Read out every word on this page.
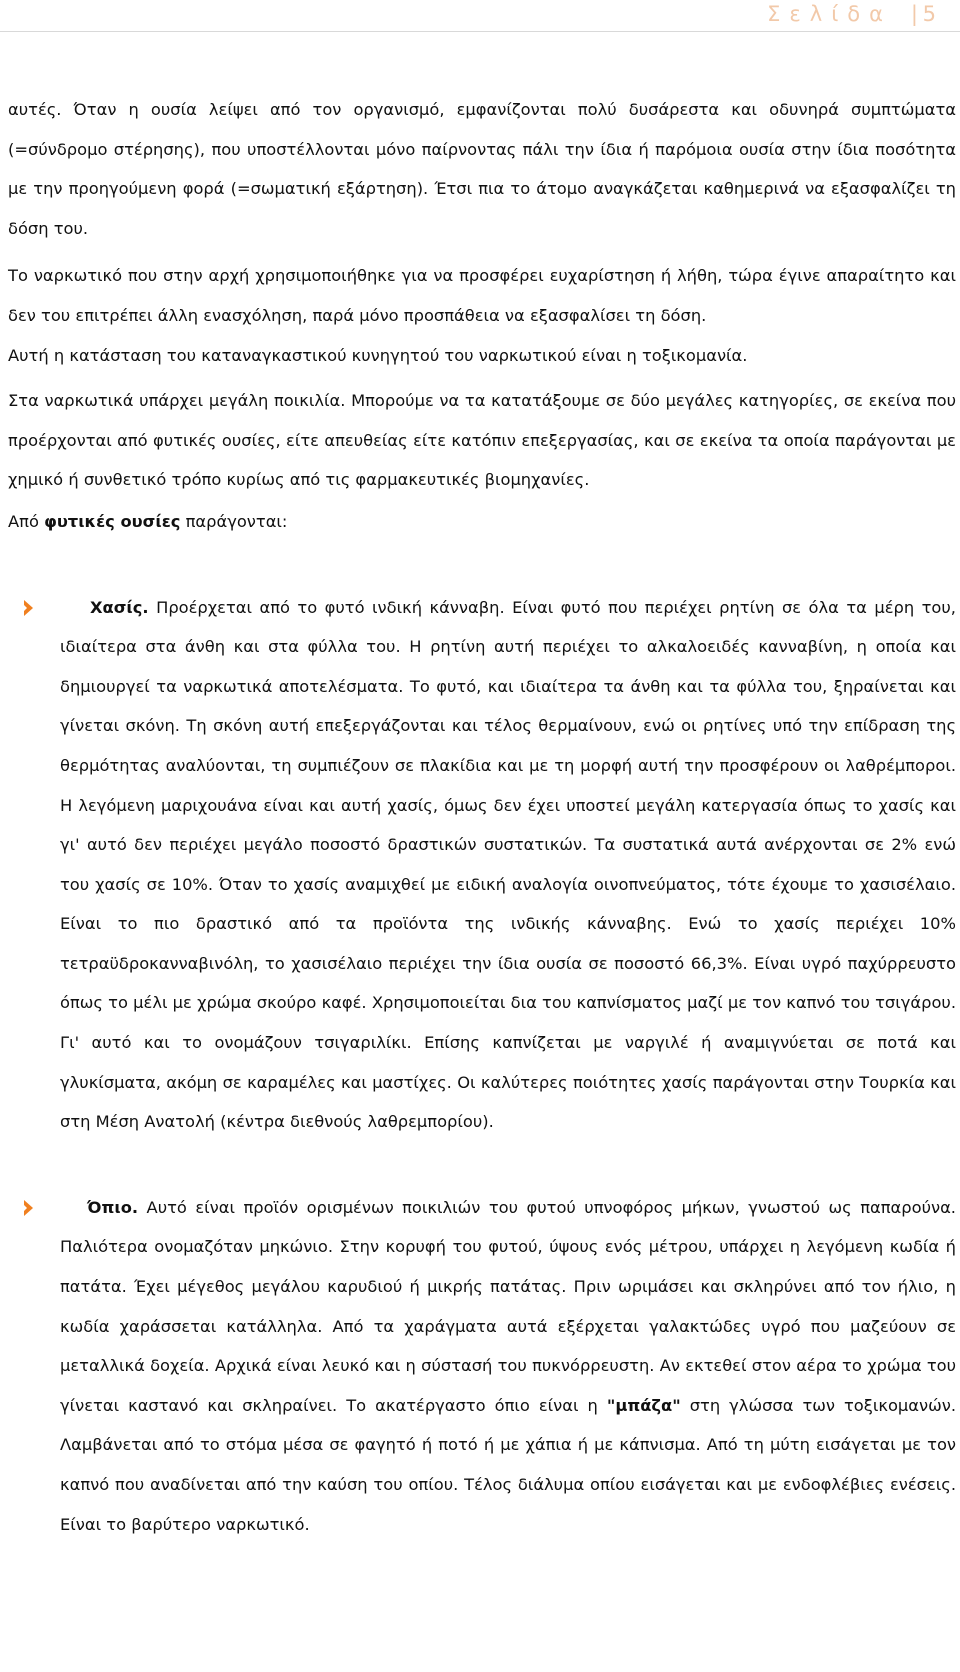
Σελίδα | 5

αυτές. Όταν η ουσία λείψει από τον οργανισμό, εμφανίζονται πολύ δυσάρεστα και οδυνηρά συμπτώματα (=σύνδρομο στέρησης), που υποστέλλονται μόνο παίρνοντας πάλι την ίδια ή παρόμοια ουσία στην ίδια ποσότητα με την προηγούμενη φορά (=σωματική εξάρτηση). Έτσι πια το άτομο αναγκάζεται καθημερινά να εξασφαλίζει τη δόση του.

Το ναρκωτικό που στην αρχή χρησιμοποιήθηκε για να προσφέρει ευχαρίστηση ή λήθη, τώρα έγινε απαραίτητο και δεν του επιτρέπει άλλη ενασχόληση, παρά μόνο προσπάθεια να εξασφαλίσει τη δόση.

Αυτή η κατάσταση του καταναγκαστικού κυνηγητού του ναρκωτικού είναι η τοξικομανία.

Στα ναρκωτικά υπάρχει μεγάλη ποικιλία. Μπορούμε να τα κατατάξουμε σε δύο μεγάλες κατηγορίες, σε εκείνα που προέρχονται από φυτικές ουσίες, είτε απευθείας είτε κατόπιν επεξεργασίας, και σε εκείνα τα οποία παράγονται με χημικό ή συνθετικό τρόπο κυρίως από τις φαρμακευτικές βιομηχανίες.

Από φυτικές ουσίες παράγονται:

Χασίς. Προέρχεται από το φυτό ινδική κάνναβη. Είναι φυτό που περιέχει ρητίνη σε όλα τα μέρη του, ιδιαίτερα στα άνθη και στα φύλλα του. Η ρητίνη αυτή περιέχει το αλκαλοειδές κανναβίνη, η οποία και δημιουργεί τα ναρκωτικά αποτελέσματα. Το φυτό, και ιδιαίτερα τα άνθη και τα φύλλα του, ξηραίνεται και γίνεται σκόνη. Τη σκόνη αυτή επεξεργάζονται και τέλος θερμαίνουν, ενώ οι ρητίνες υπό την επίδραση της θερμότητας αναλύονται, τη συμπιέζουν σε πλακίδια και με τη μορφή αυτή την προσφέρουν οι λαθρέμποροι. Η λεγόμενη μαριχουάνα είναι και αυτή χασίς, όμως δεν έχει υποστεί μεγάλη κατεργασία όπως το χασίς και γι' αυτό δεν περιέχει μεγάλο ποσοστό δραστικών συστατικών. Τα συστατικά αυτά ανέρχονται σε 2% ενώ του χασίς σε 10%. Όταν το χασίς αναμιχθεί με ειδική αναλογία οινοπνεύματος, τότε έχουμε το χασισέλαιο. Είναι το πιο δραστικό από τα προϊόντα της ινδικής κάνναβης. Ενώ το χασίς περιέχει 10% τετραϋδροκανναβινόλη, το χασισέλαιο περιέχει την ίδια ουσία σε ποσοστό 66,3%. Είναι υγρό παχύρρευστο όπως το μέλι με χρώμα σκούρο καφέ. Χρησιμοποιείται δια του καπνίσματος μαζί με τον καπνό του τσιγάρου. Γι' αυτό και το ονομάζουν τσιγαριλίκι. Επίσης καπνίζεται με ναργιλέ ή αναμιγνύεται σε ποτά και γλυκίσματα, ακόμη σε καραμέλες και μαστίχες. Οι καλύτερες ποιότητες χασίς παράγονται στην Τουρκία και στη Μέση Ανατολή (κέντρα διεθνούς λαθρεμπορίου).

Όπιο. Αυτό είναι προϊόν ορισμένων ποικιλιών του φυτού υπνοφόρος μήκων, γνωστού ως παπαρούνα. Παλιότερα ονομαζόταν μηκώνιο. Στην κορυφή του φυτού, ύψους ενός μέτρου, υπάρχει η λεγόμενη κωδία ή πατάτα. Έχει μέγεθος μεγάλου καρυδιού ή μικρής πατάτας. Πριν ωριμάσει και σκληρύνει από τον ήλιο, η κωδία χαράσσεται κατάλληλα. Από τα χαράγματα αυτά εξέρχεται γαλακτώδες υγρό που μαζεύουν σε μεταλλικά δοχεία. Αρχικά είναι λευκό και η σύστασή του πυκνόρρευστη. Αν εκτεθεί στον αέρα το χρώμα του γίνεται καστανό και σκληραίνει. Το ακατέργαστο όπιο είναι η "μπάζα" στη γλώσσα των τοξικομανών. Λαμβάνεται από το στόμα μέσα σε φαγητό ή ποτό ή με χάπια ή με κάπνισμα. Από τη μύτη εισάγεται με τον καπνό που αναδίνεται από την καύση του οπίου. Τέλος διάλυμα οπίου εισάγεται και με ενδοφλέβιες ενέσεις. Είναι το βαρύτερο ναρκωτικό.
